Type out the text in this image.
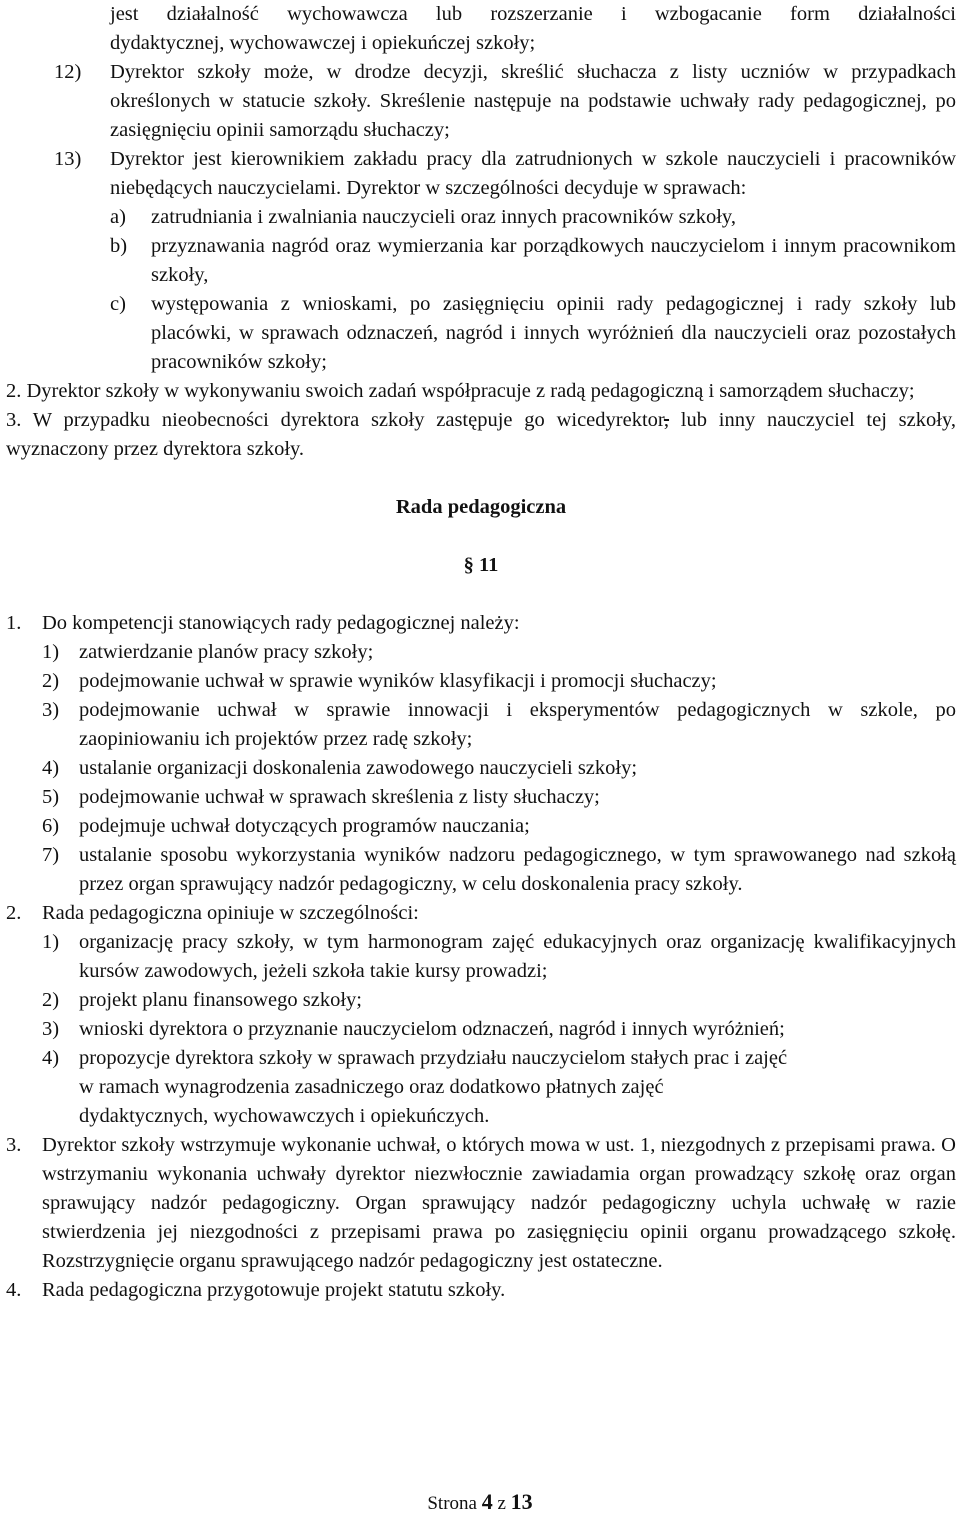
jest działalność wychowawcza lub rozszerzanie i wzbogacanie form działalności

dydaktycznej, wychowawczej i opiekuńczej szkoły;

12) Dyrektor szkoły może, w drodze decyzji, skreślić słuchacza z listy uczniów w przypadkach określonych w statucie szkoły. Skreślenie następuje na podstawie uchwały rady pedagogicznej, po zasięgnięciu opinii samorządu słuchaczy;
13) Dyrektor jest kierownikiem zakładu pracy dla zatrudnionych w szkole nauczycieli i pracowników niebędących nauczycielami. Dyrektor w szczególności decyduje w sprawach:
a) zatrudniania i zwalniania nauczycieli oraz innych pracowników szkoły,
b) przyznawania nagród oraz wymierzania kar porządkowych nauczycielom i innym pracownikom szkoły,
c) występowania z wnioskami, po zasięgnięciu opinii rady pedagogicznej i rady szkoły lub placówki, w sprawach odznaczeń, nagród i innych wyróżnień dla nauczycieli oraz pozostałych pracowników szkoły;
2. Dyrektor szkoły w wykonywaniu swoich zadań współpracuje z radą pedagogiczną i samorządem słuchaczy;
3. W przypadku nieobecności dyrektora szkoły zastępuje go wicedyrektor, lub inny nauczyciel tej szkoły, wyznaczony przez dyrektora szkoły.

Rada pedagogiczna

§ 11

1. Do kompetencji stanowiących rady pedagogicznej należy:
1) zatwierdzanie planów pracy szkoły;
2) podejmowanie uchwał w sprawie wyników klasyfikacji i promocji słuchaczy;
3) podejmowanie uchwał w sprawie innowacji i eksperymentów pedagogicznych w szkole, po zaopiniowaniu ich projektów przez radę szkoły;
4) ustalanie organizacji doskonalenia zawodowego nauczycieli szkoły;
5) podejmowanie uchwał w sprawach skreślenia z listy słuchaczy;
6) podejmuje uchwał dotyczących programów nauczania;
7) ustalanie sposobu wykorzystania wyników nadzoru pedagogicznego, w tym sprawowanego nad szkołą przez organ sprawujący nadzór pedagogiczny, w celu doskonalenia pracy szkoły.
2. Rada pedagogiczna opiniuje w szczególności:
1) organizację pracy szkoły, w tym harmonogram zajęć edukacyjnych oraz organizację kwalifikacyjnych kursów zawodowych, jeżeli szkoła takie kursy prowadzi;
2) projekt planu finansowego szkoły;
3) wnioski dyrektora o przyznanie nauczycielom odznaczeń, nagród i innych wyróżnień;
4) propozycje dyrektora szkoły w sprawach przydziału nauczycielom stałych prac i zajęć
w ramach wynagrodzenia zasadniczego oraz dodatkowo płatnych zajęć
dydaktycznych, wychowawczych i opiekuńczych.
3. Dyrektor szkoły wstrzymuje wykonanie uchwał, o których mowa w ust. 1, niezgodnych z przepisami prawa. O wstrzymaniu wykonania uchwały dyrektor niezwłocznie zawiadamia organ prowadzący szkołę oraz organ sprawujący nadzór pedagogiczny. Organ sprawujący nadzór pedagogiczny uchyla uchwałę w razie stwierdzenia jej niezgodności z przepisami prawa po zasięgnięciu opinii organu prowadzącego szkołę. Rozstrzygnięcie organu sprawującego nadzór pedagogiczny jest ostateczne.
4. Rada pedagogiczna przygotowuje projekt statutu szkoły.
Strona 4 z 13
